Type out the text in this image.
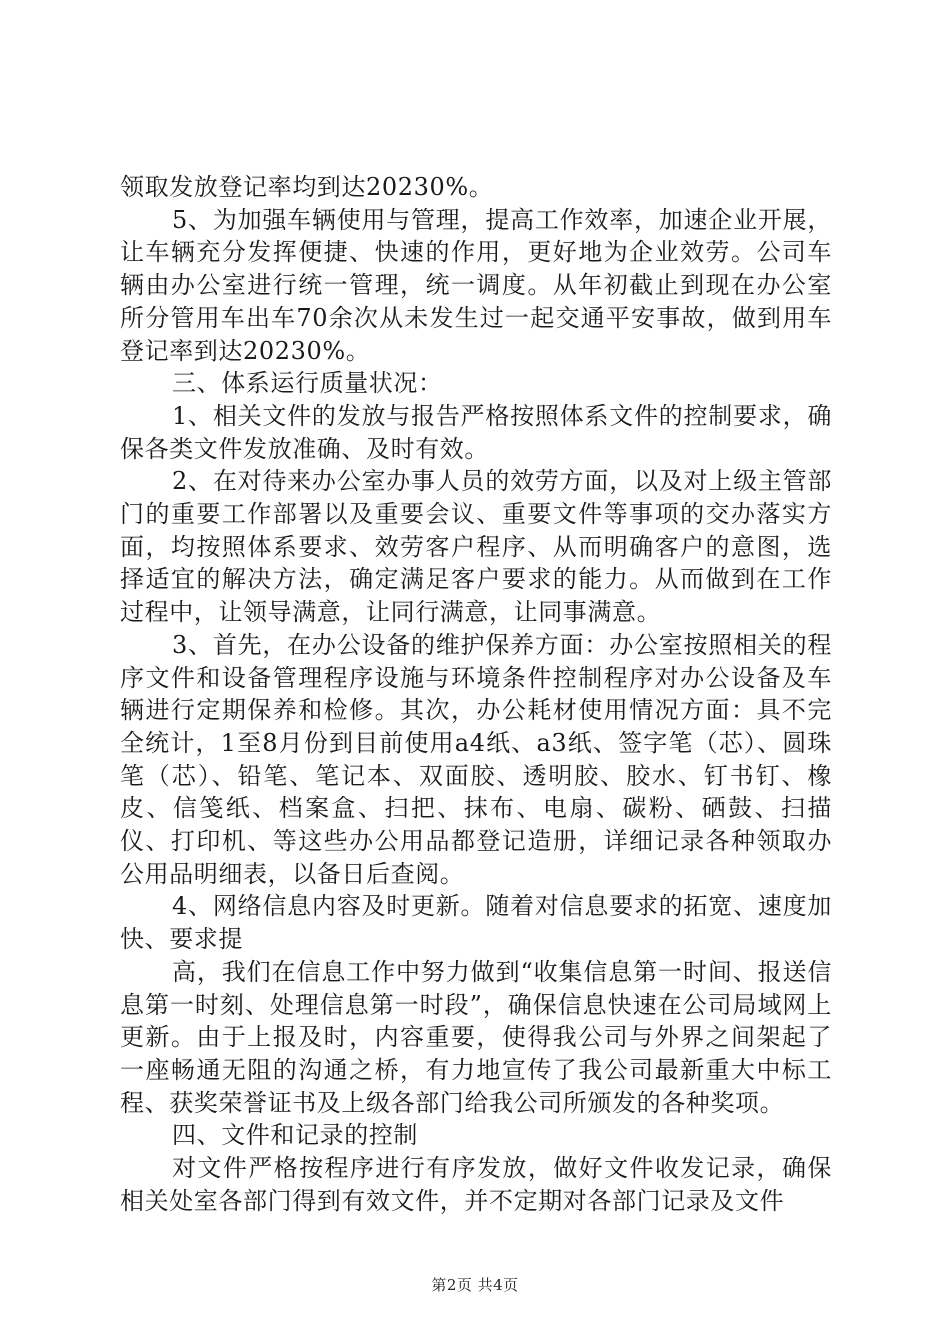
领取发放登记率均到达20230%。

5、为加强车辆使用与管理，提高工作效率，加速企业开展，让车辆充分发挥便捷、快速的作用，更好地为企业效劳。公司车辆由办公室进行统一管理，统一调度。从年初截止到现在办公室所分管用车出车70余次从未发生过一起交通平安事故，做到用车登记率到达20230%。

三、体系运行质量状况：

1、相关文件的发放与报告严格按照体系文件的控制要求，确保各类文件发放准确、及时有效。

2、在对待来办公室办事人员的效劳方面，以及对上级主管部门的重要工作部署以及重要会议、重要文件等事项的交办落实方面，均按照体系要求、效劳客户程序、从而明确客户的意图，选择适宜的解决方法，确定满足客户要求的能力。从而做到在工作过程中，让领导满意，让同行满意，让同事满意。

3、首先，在办公设备的维护保养方面：办公室按照相关的程序文件和设备管理程序设施与环境条件控制程序对办公设备及车辆进行定期保养和检修。其次，办公耗材使用情况方面：具不完全统计，1至8月份到目前使用a4纸、a3纸、签字笔（芯）、圆珠笔（芯）、铅笔、笔记本、双面胶、透明胶、胶水、钉书钉、橡皮、信笺纸、档案盒、扫把、抹布、电扇、碳粉、硒鼓、扫描仪、打印机、等这些办公用品都登记造册，详细记录各种领取办公用品明细表，以备日后查阅。

4、网络信息内容及时更新。随着对信息要求的拓宽、速度加快、要求提

高，我们在信息工作中努力做到“收集信息第一时间、报送信息第一时刻、处理信息第一时段”，确保信息快速在公司局域网上更新。由于上报及时，内容重要，使得我公司与外界之间架起了一座畅通无阻的沟通之桥，有力地宣传了我公司最新重大中标工程、获奖荣誉证书及上级各部门给我公司所颁发的各种奖项。

四、文件和记录的控制

对文件严格按程序进行有序发放，做好文件收发记录，确保相关处室各部门得到有效文件，并不定期对各部门记录及文件

第2页 共4页
